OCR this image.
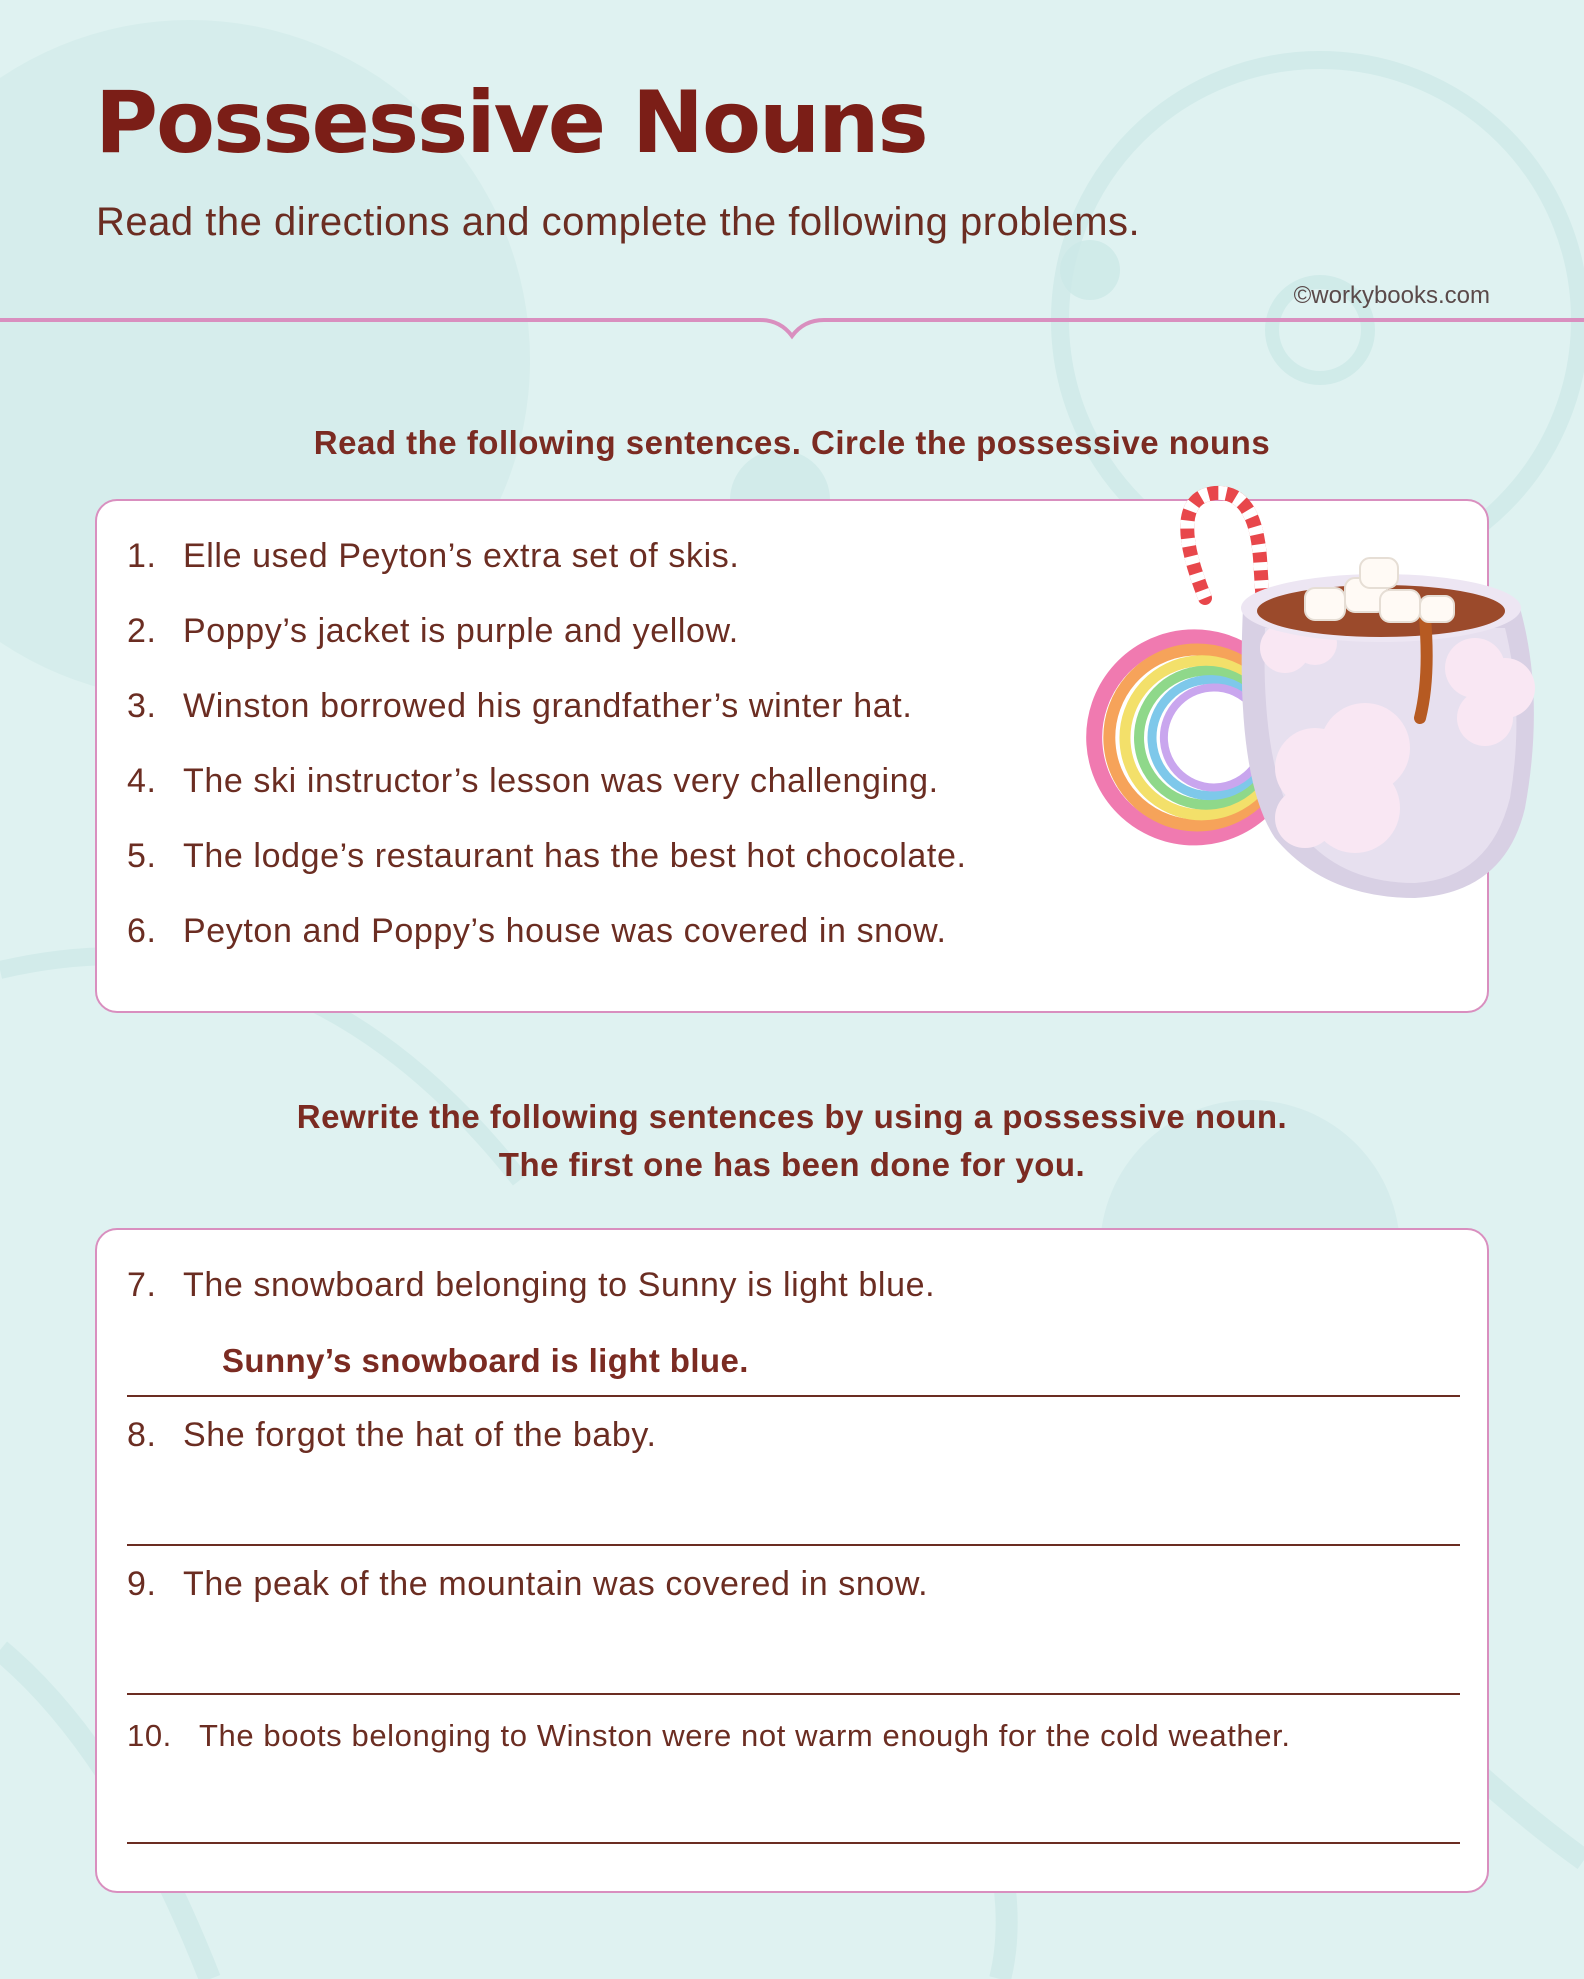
Possessive Nouns

Read the directions and complete the following problems.

©workybooks.com
Read the following sentences. Circle the possessive nouns

1. Elle used Peyton’s extra set of skis.

2. Poppy’s jacket is purple and yellow.

3. Winston borrowed his grandfather’s winter hat.

4. The ski instructor’s lesson was very challenging.

5. The lodge’s restaurant has the best hot chocolate.

6. Peyton and Poppy’s house was covered in snow.

Rewrite the following sentences by using a possessive noun.
The first one has been done for you.

7. The snowboard belonging to Sunny is light blue.

Sunny’s snowboard is light blue.

8. She forgot the hat of the baby.

9. The peak of the mountain was covered in snow.

10. The boots belonging to Winston were not warm enough for the cold weather.
